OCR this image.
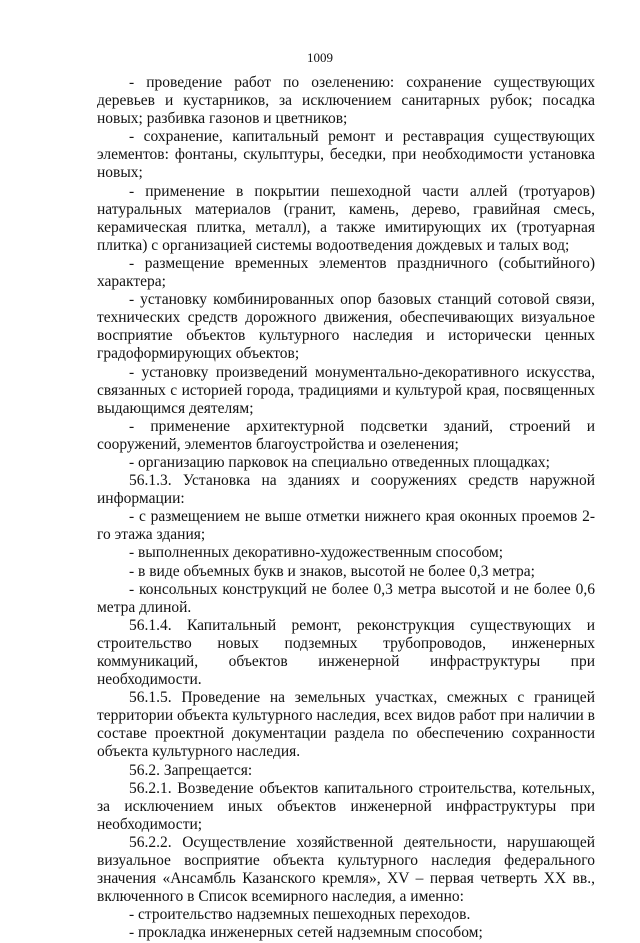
1009

- проведение работ по озеленению: сохранение существующих деревьев и кустарников, за исключением санитарных рубок; посадка новых; разбивка газонов и цветников;

- сохранение, капитальный ремонт и реставрация существующих элементов: фонтаны, скульптуры, беседки, при необходимости установка новых;

- применение в покрытии пешеходной части аллей (тротуаров) натуральных материалов (гранит, камень, дерево, гравийная смесь, керамическая плитка, металл), а также имитирующих их (тротуарная плитка) с организацией системы водоотведения дождевых и талых вод;

- размещение временных элементов праздничного (событийного) характера;

- установку комбинированных опор базовых станций сотовой связи, технических средств дорожного движения, обеспечивающих визуальное восприятие объектов культурного наследия и исторически ценных градоформирующих объектов;

- установку произведений монументально-декоративного искусства, связанных с историей города, традициями и культурой края, посвященных выдающимся деятелям;

- применение архитектурной подсветки зданий, строений и сооружений, элементов благоустройства и озеленения;

- организацию парковок на специально отведенных площадках;

56.1.3. Установка на зданиях и сооружениях средств наружной информации:

- с размещением не выше отметки нижнего края оконных проемов 2-го этажа здания;

- выполненных декоративно-художественным способом;

- в виде объемных букв и знаков, высотой не более 0,3 метра;

- консольных конструкций не более 0,3 метра высотой и не более 0,6 метра длиной.

56.1.4. Капитальный ремонт, реконструкция существующих и строительство новых подземных трубопроводов, инженерных коммуникаций, объектов инженерной инфраструктуры при необходимости.

56.1.5. Проведение на земельных участках, смежных с границей территории объекта культурного наследия, всех видов работ при наличии в составе проектной документации раздела по обеспечению сохранности объекта культурного наследия.

56.2. Запрещается:

56.2.1. Возведение объектов капитального строительства, котельных, за исключением иных объектов инженерной инфраструктуры при необходимости;

56.2.2. Осуществление хозяйственной деятельности, нарушающей визуальное восприятие объекта культурного наследия федерального значения «Ансамбль Казанского кремля», XV – первая четверть XX вв., включенного в Список всемирного наследия, а именно:

- строительство надземных пешеходных переходов.

- прокладка инженерных сетей надземным способом;
